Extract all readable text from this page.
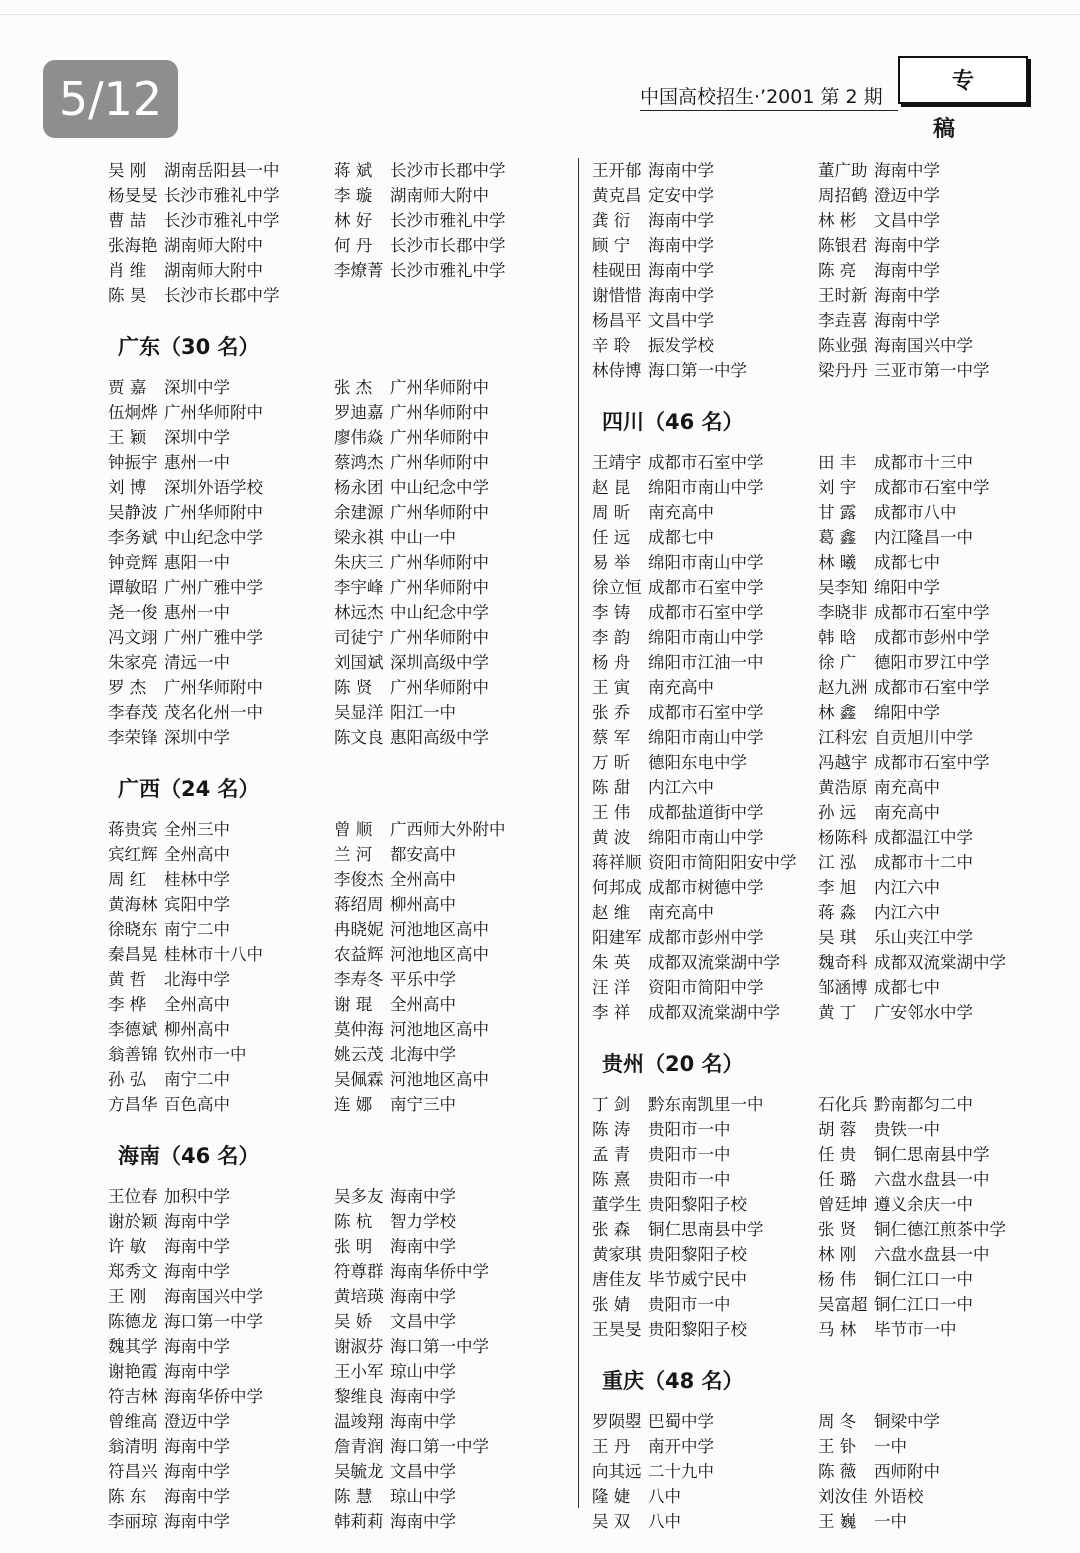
5/12	中国高校招生·’2001 第 2 期
专稿
吴 刚	湖南岳阳县一中	蒋 斌	长沙市长郡中学
杨旻旻 长沙市雅礼中学	李 璇	湖南师大附中
曹 喆	长沙市雅礼中学	林 好	长沙市雅礼中学
张海艳 湖南师大附中	何 丹	长沙市长郡中学
肖 维	湖南师大附中	李燎菁 长沙市雅礼中学
陈 昊	长沙市长郡中学
广东（30 名）
贾 嘉	深圳中学	张 杰	广州华师附中
伍炯烨 广州华师附中	罗迪嘉 广州华师附中
王 颖	深圳中学	廖伟焱 广州华师附中
钟振宇 惠州一中	蔡鸿杰 广州华师附中
刘 博	深圳外语学校	杨永团 中山纪念中学
吴静波 广州华师附中	余建源 广州华师附中
李务斌 中山纪念中学	梁永祺 中山一中
钟竞辉 惠阳一中	朱庆三 广州华师附中
谭敏昭 广州广雅中学	李宇峰 广州华师附中
尧一俊 惠州一中	林远杰 中山纪念中学
冯文翊 广州广雅中学	司徒宁 广州华师附中
朱家亮 清远一中	刘国斌 深圳高级中学
罗 杰	广州华师附中	陈 贤	广州华师附中
李春茂 茂名化州一中	吴显洋 阳江一中
李荣锋 深圳中学	陈文良 惠阳高级中学
广西（24 名）
蒋贵宾 全州三中	曾 顺	广西师大外附中
宾红辉 全州高中	兰 河	都安高中
周 红	桂林中学	李俊杰 全州高中
黄海林 宾阳中学	蒋绍周 柳州高中
徐晓东 南宁二中	冉晓妮 河池地区高中
秦昌晃 桂林市十八中	农益辉 河池地区高中
黄 哲	北海中学	李寿冬 平乐中学
李 桦	全州高中	谢 琨	全州高中
李德斌 柳州高中	莫仲海 河池地区高中
翁善锦 钦州市一中	姚云茂 北海中学
孙 弘	南宁二中	吴佩霖 河池地区高中
方昌华 百色高中	连 娜	南宁三中
海南（46 名）
王位春 加积中学	吴多友 海南中学
谢於颖 海南中学	陈 杭	智力学校
许 敏	海南中学	张 明	海南中学
郑秀文 海南中学	符尊群 海南华侨中学
王 刚	海南国兴中学	黄培瑛 海南中学
陈德龙 海口第一中学	吴 娇	文昌中学
魏其学 海南中学	谢淑芬 海口第一中学
谢艳霞 海南中学	王小军 琼山中学
符吉林 海南华侨中学	黎维良 海南中学
曾维高 澄迈中学	温竣翔 海南中学
翁清明 海南中学	詹青润 海口第一中学
符昌兴 海南中学	吴毓龙 文昌中学
陈 东	海南中学	陈 慧	琼山中学
李丽琼 海南中学	韩莉莉 海南中学
王开郁 海南中学	董广助 海南中学
黄克昌 定安中学	周招鹤 澄迈中学
龚 衍	海南中学	林 彬	文昌中学
顾 宁	海南中学	陈银君 海南中学
桂砚田 海南中学	陈 亮	海南中学
谢惜惜 海南中学	王时新 海南中学
杨昌平 文昌中学	李垚喜 海南中学
辛 聆	振发学校	陈业强 海南国兴中学
林侍博 海口第一中学	梁丹丹 三亚市第一中学
四川（46 名）
王靖宇 成都市石室中学	田 丰	成都市十三中
赵 昆	绵阳市南山中学	刘 宇	成都市石室中学
周 昕	南充高中	甘 露	成都市八中
任 远	成都七中	葛 鑫	内江隆昌一中
易 举	绵阳市南山中学	林 曦	成都七中
徐立恒 成都市石室中学	吴李知 绵阳中学
李 铸	成都市石室中学	李晓非 成都市石室中学
李 韵	绵阳市南山中学	韩 晗	成都市彭州中学
杨 舟	绵阳市江油一中	徐 广	德阳市罗江中学
王 寅	南充高中	赵九洲 成都市石室中学
张 乔	成都市石室中学	林 鑫	绵阳中学
蔡 军	绵阳市南山中学	江科宏 自贡旭川中学
万 昕	德阳东电中学	冯越宇 成都市石室中学
陈 甜	内江六中	黄浩原 南充高中
王 伟	成都盐道街中学	孙 远	南充高中
黄 波	绵阳市南山中学	杨陈科 成都温江中学
蒋祥顺 资阳市简阳阳安中学 江 泓	成都市十二中
何邦成 成都市树德中学	李 旭	内江六中
赵 维	南充高中	蒋 淼	内江六中
阳建军 成都市彭州中学	吴 琪	乐山夹江中学
朱 英	成都双流棠湖中学 魏奇科 成都双流棠湖中学
汪 洋	资阳市简阳中学	邹涵博 成都七中
李 祥	成都双流棠湖中学 黄 丁	广安邻水中学
贵州（20 名）
丁 剑	黔东南凯里一中	石化兵 黔南都匀二中
陈 涛	贵阳市一中	胡 蓉	贵铁一中
孟 青	贵阳市一中	任 贵	铜仁思南县中学
陈 熹	贵阳市一中	任 璐	六盘水盘县一中
董学生 贵阳黎阳子校	曾廷坤 遵义余庆一中
张 森	铜仁思南县中学	张 贤	铜仁德江煎茶中学
黄家琪 贵阳黎阳子校	林 刚	六盘水盘县一中
唐佳友 毕节威宁民中	杨 伟	铜仁江口一中
张 婧	贵阳市一中	吴富超 铜仁江口一中
王昊旻 贵阳黎阳子校	马 林	毕节市一中
重庆（48 名）
罗陨曌 巴蜀中学	周 冬	铜梁中学
王 丹	南开中学	王 钋	一中
向其远 二十九中	陈 薇	西师附中
隆 婕	八中	刘汝佳 外语校
吴 双	八中	王 巍	一中
